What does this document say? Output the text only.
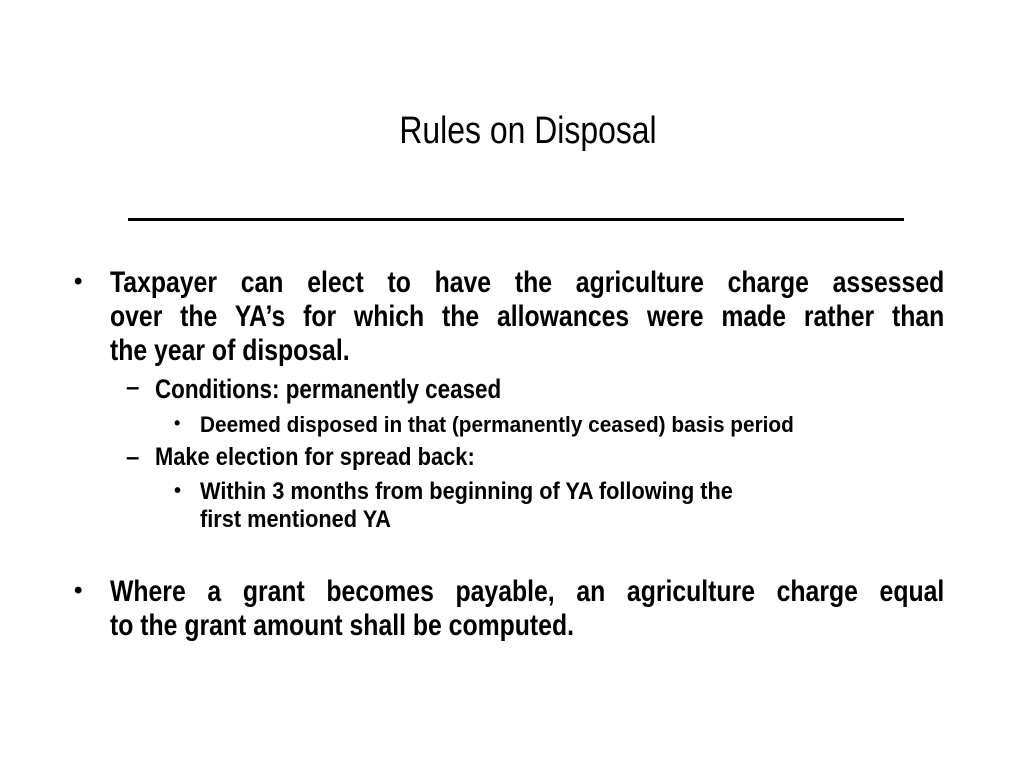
Rules on Disposal
• Taxpayer can elect to have the agriculture charge assessed
over the YA’s for which the allowances were made rather than
the year of disposal.
– Conditions: permanently ceased
• Deemed disposed in that (permanently ceased) basis period
– Make election for spread back:
• Within 3 months from beginning of YA following the
first mentioned YA
• Where a grant becomes payable, an agriculture charge equal
to the grant amount shall be computed.
